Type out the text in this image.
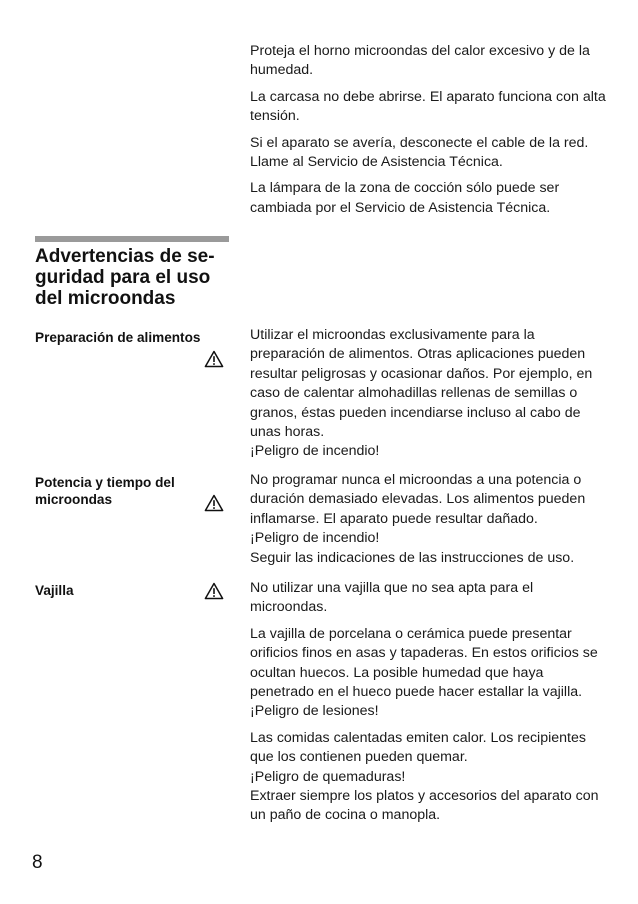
Proteja el horno microondas del calor excesivo y de la humedad.

La carcasa no debe abrirse. El aparato funciona con alta tensión.

Si el aparato se avería, desconecte el cable de la red. Llame al Servicio de Asistencia Técnica.

La lámpara de la zona de cocción sólo puede ser cambiada por el Servicio de Asistencia Técnica.

Advertencias de se-
guridad para el uso
del microondas
Preparación de alimentos	Utilizar el microondas exclusivamente para la preparación de alimentos. Otras aplicaciones pueden resultar peligrosas y ocasionar daños. Por ejemplo, en caso de calentar almohadillas rellenas de semillas o granos, éstas pueden incendiarse incluso al cabo de unas horas.

¡Peligro de incendio!

Potencia y tiempo del
microondas

No programar nunca el microondas a una potencia o duración demasiado elevadas. Los alimentos pueden inflamarse. El aparato puede resultar dañado.

¡Peligro de incendio!

Seguir las indicaciones de las instrucciones de uso.

Vajilla	No utilizar una vajilla que no sea apta para el microondas.

La vajilla de porcelana o cerámica puede presentar orificios finos en asas y tapaderas. En estos orificios se ocultan huecos. La posible humedad que haya penetrado en el hueco puede hacer estallar la vajilla.

¡Peligro de lesiones!

Las comidas calentadas emiten calor. Los recipientes que los contienen pueden quemar.

¡Peligro de quemaduras!

Extraer siempre los platos y accesorios del aparato con un paño de cocina o manopla.

8
